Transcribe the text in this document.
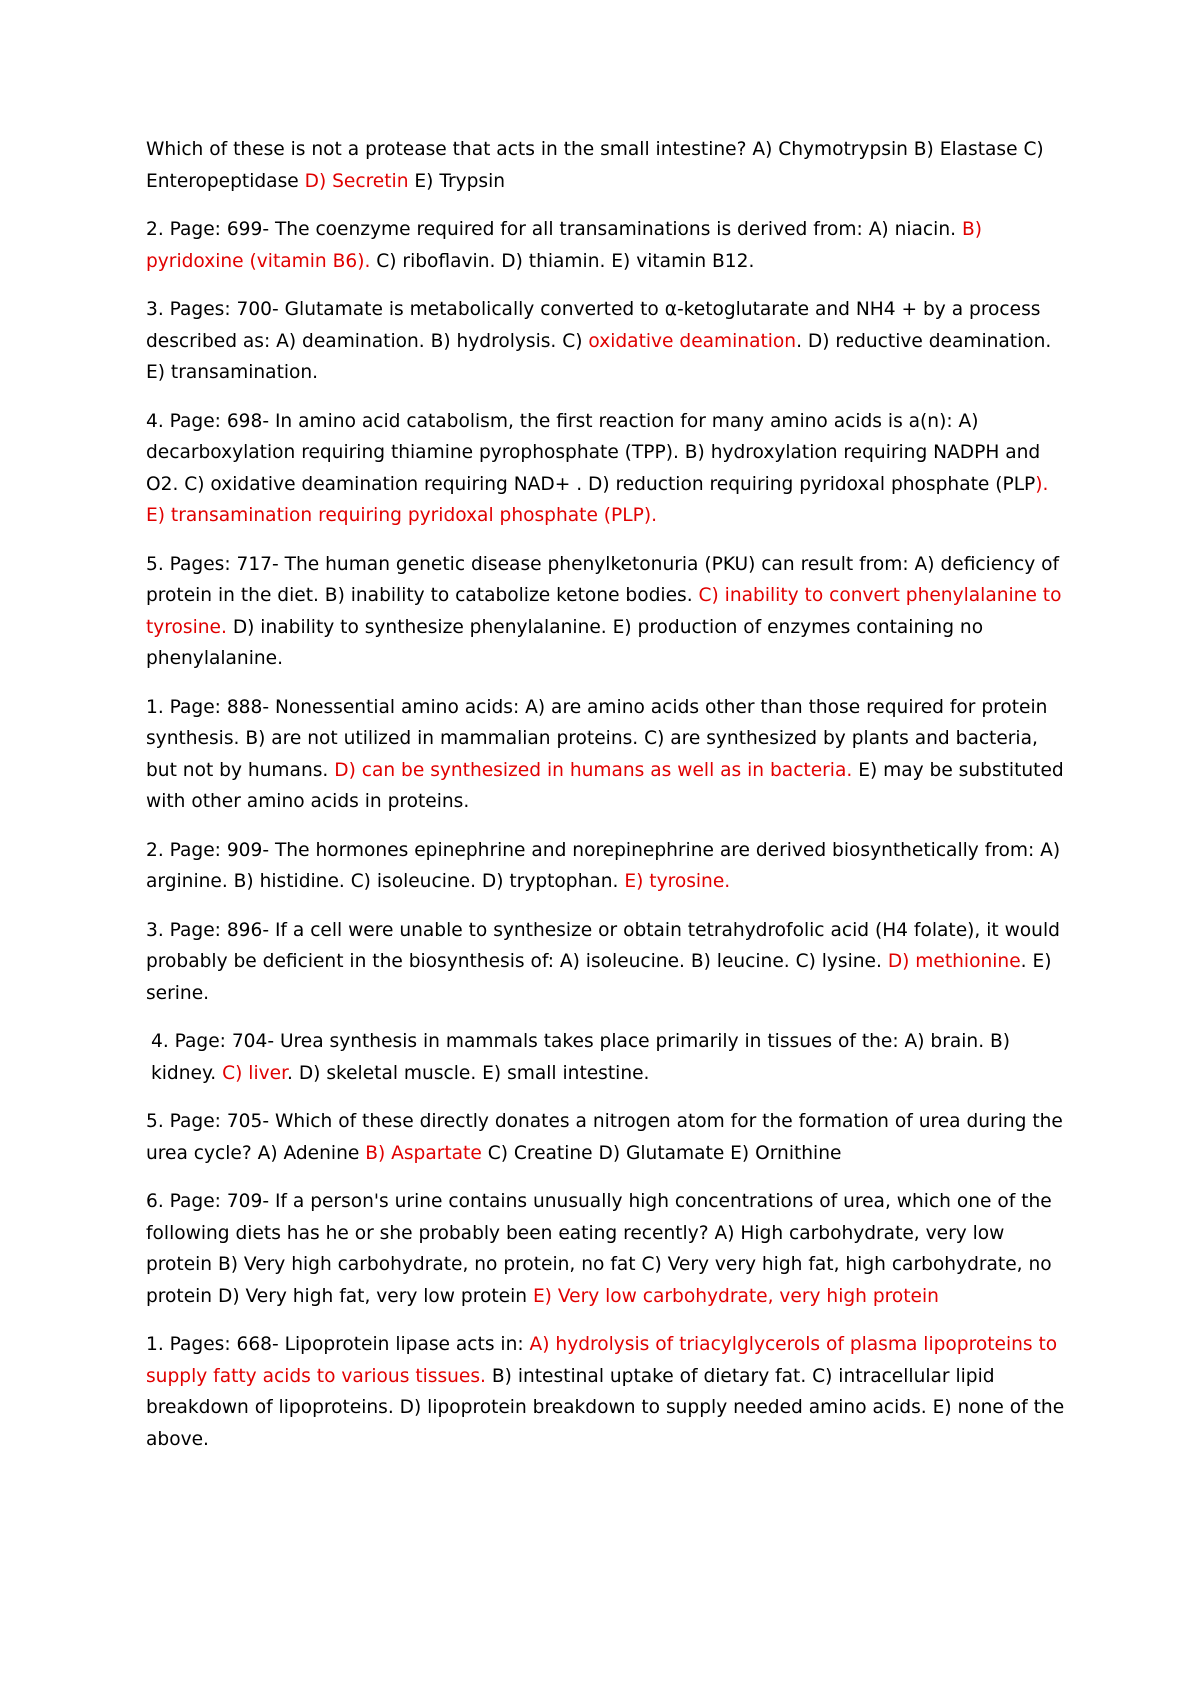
Which of these is not a protease that acts in the small intestine? A) Chymotrypsin B) Elastase C) Enteropeptidase D) Secretin E) Trypsin

2. Page: 699- The coenzyme required for all transaminations is derived from: A) niacin. B) pyridoxine (vitamin B6). C) riboflavin. D) thiamin. E) vitamin B12.

3. Pages: 700- Glutamate is metabolically converted to α-ketoglutarate and NH4 + by a process described as: A) deamination. B) hydrolysis. C) oxidative deamination. D) reductive deamination. E) transamination.

4. Page: 698- In amino acid catabolism, the first reaction for many amino acids is a(n): A) decarboxylation requiring thiamine pyrophosphate (TPP). B) hydroxylation requiring NADPH and O2. C) oxidative deamination requiring NAD+ . D) reduction requiring pyridoxal phosphate (PLP). E) transamination requiring pyridoxal phosphate (PLP).

5. Pages: 717- The human genetic disease phenylketonuria (PKU) can result from: A) deficiency of protein in the diet. B) inability to catabolize ketone bodies. C) inability to convert phenylalanine to tyrosine. D) inability to synthesize phenylalanine. E) production of enzymes containing no phenylalanine.

1. Page: 888- Nonessential amino acids: A) are amino acids other than those required for protein synthesis. B) are not utilized in mammalian proteins. C) are synthesized by plants and bacteria, but not by humans. D) can be synthesized in humans as well as in bacteria. E) may be substituted with other amino acids in proteins.

2. Page: 909- The hormones epinephrine and norepinephrine are derived biosynthetically from: A) arginine. B) histidine. C) isoleucine. D) tryptophan. E) tyrosine.

3. Page: 896- If a cell were unable to synthesize or obtain tetrahydrofolic acid (H4 folate), it would probably be deficient in the biosynthesis of: A) isoleucine. B) leucine. C) lysine. D) methionine. E) serine.

4. Page: 704- Urea synthesis in mammals takes place primarily in tissues of the: A) brain. B) kidney. C) liver. D) skeletal muscle. E) small intestine.

5. Page: 705- Which of these directly donates a nitrogen atom for the formation of urea during the urea cycle? A) Adenine B) Aspartate C) Creatine D) Glutamate E) Ornithine

6. Page: 709- If a person's urine contains unusually high concentrations of urea, which one of the following diets has he or she probably been eating recently? A) High carbohydrate, very low protein B) Very high carbohydrate, no protein, no fat C) Very very high fat, high carbohydrate, no protein D) Very high fat, very low protein E) Very low carbohydrate, very high protein

1. Pages: 668- Lipoprotein lipase acts in: A) hydrolysis of triacylglycerols of plasma lipoproteins to supply fatty acids to various tissues. B) intestinal uptake of dietary fat. C) intracellular lipid breakdown of lipoproteins. D) lipoprotein breakdown to supply needed amino acids. E) none of the above.
